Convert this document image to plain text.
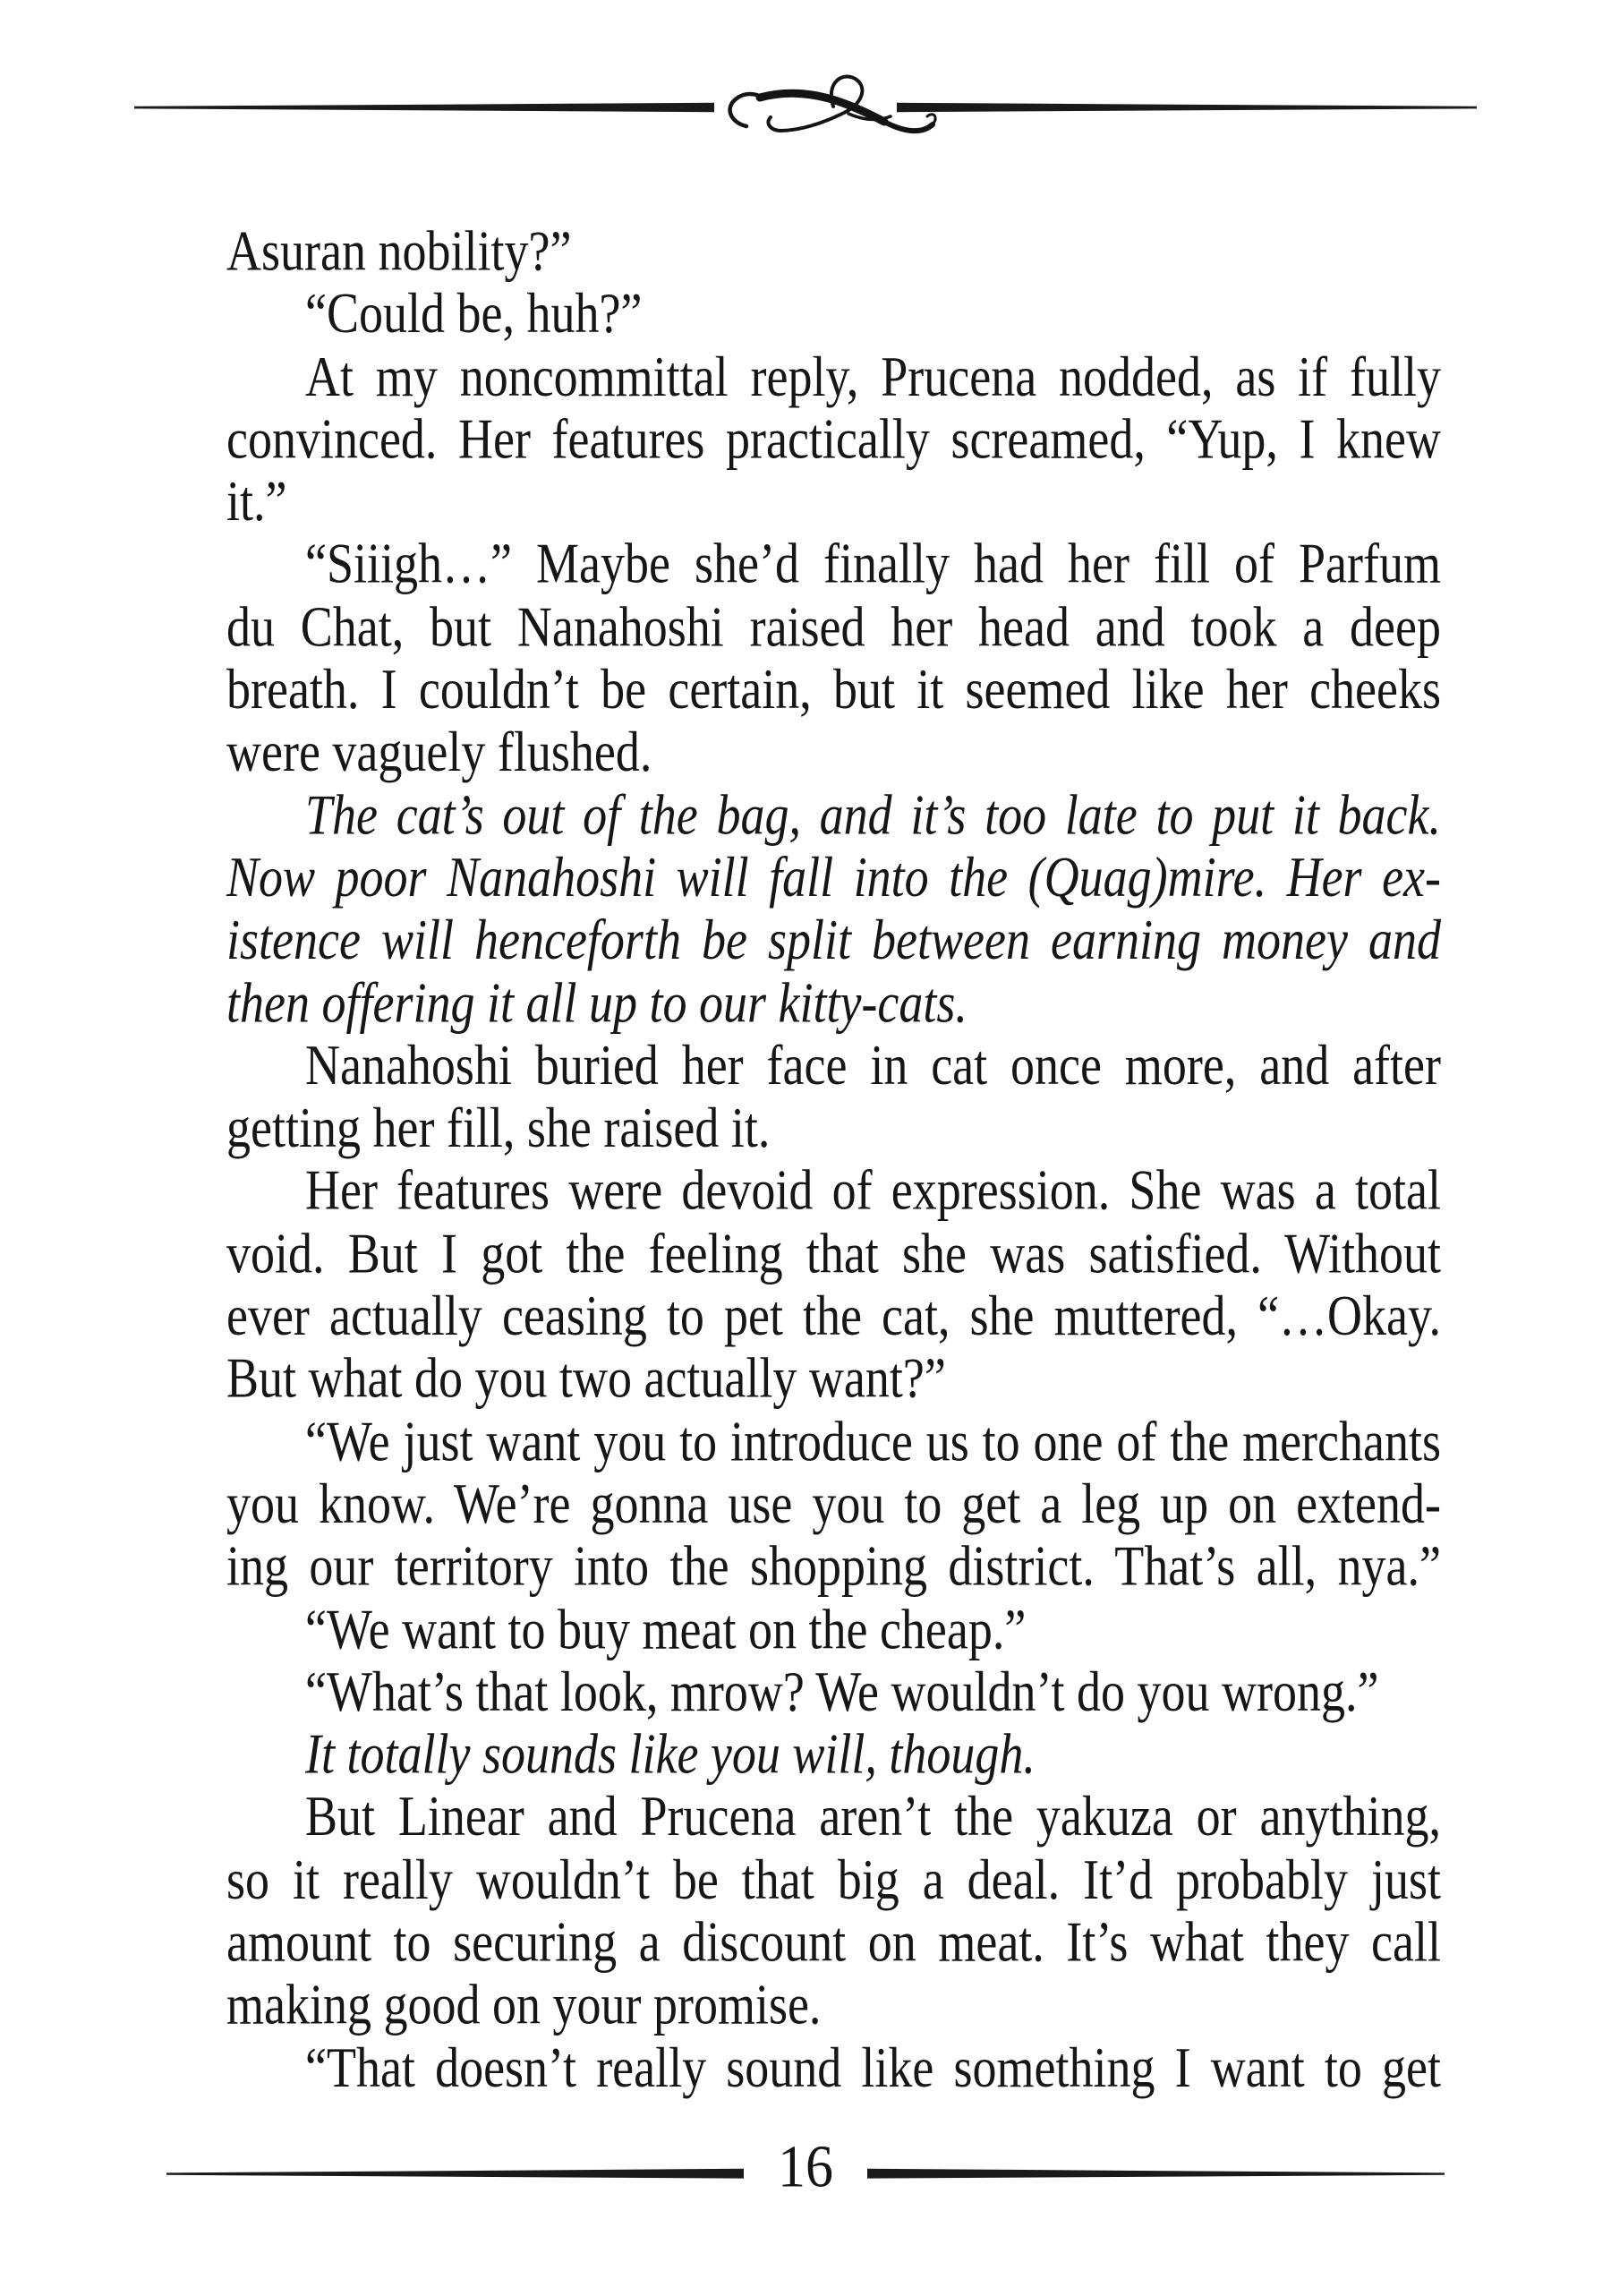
Asuran nobility?”
“Could be, huh?”
At my noncommittal reply, Prucena nodded, as if fully
convinced. Her features practically screamed, “Yup, I knew it.”
“Siiigh…” Maybe she’d finally had her fill of Parfum
du Chat, but Nanahoshi raised her head and took a deep
breath. I couldn’t be certain, but it seemed like her cheeks
were vaguely flushed.
The cat’s out of the bag, and it’s too late to put it back.
Now poor Nanahoshi will fall into the (Quag)mire. Her ex-
istence will henceforth be split between earning money and
then offering it all up to our kitty-cats.
Nanahoshi buried her face in cat once more, and after
getting her fill, she raised it.
Her features were devoid of expression. She was a total
void. But I got the feeling that she was satisfied. Without
ever actually ceasing to pet the cat, she muttered, “…Okay.
But what do you two actually want?”
“We just want you to introduce us to one of the merchants
you know. We’re gonna use you to get a leg up on extend-
ing our territory into the shopping district. That’s all, nya.”
“We want to buy meat on the cheap.”
“What’s that look, mrow? We wouldn’t do you wrong.”
It totally sounds like you will, though.
But Linear and Prucena aren’t the yakuza or anything,
so it really wouldn’t be that big a deal. It’d probably just
amount to securing a discount on meat. It’s what they call
making good on your promise.
“That doesn’t really sound like something I want to get
16
